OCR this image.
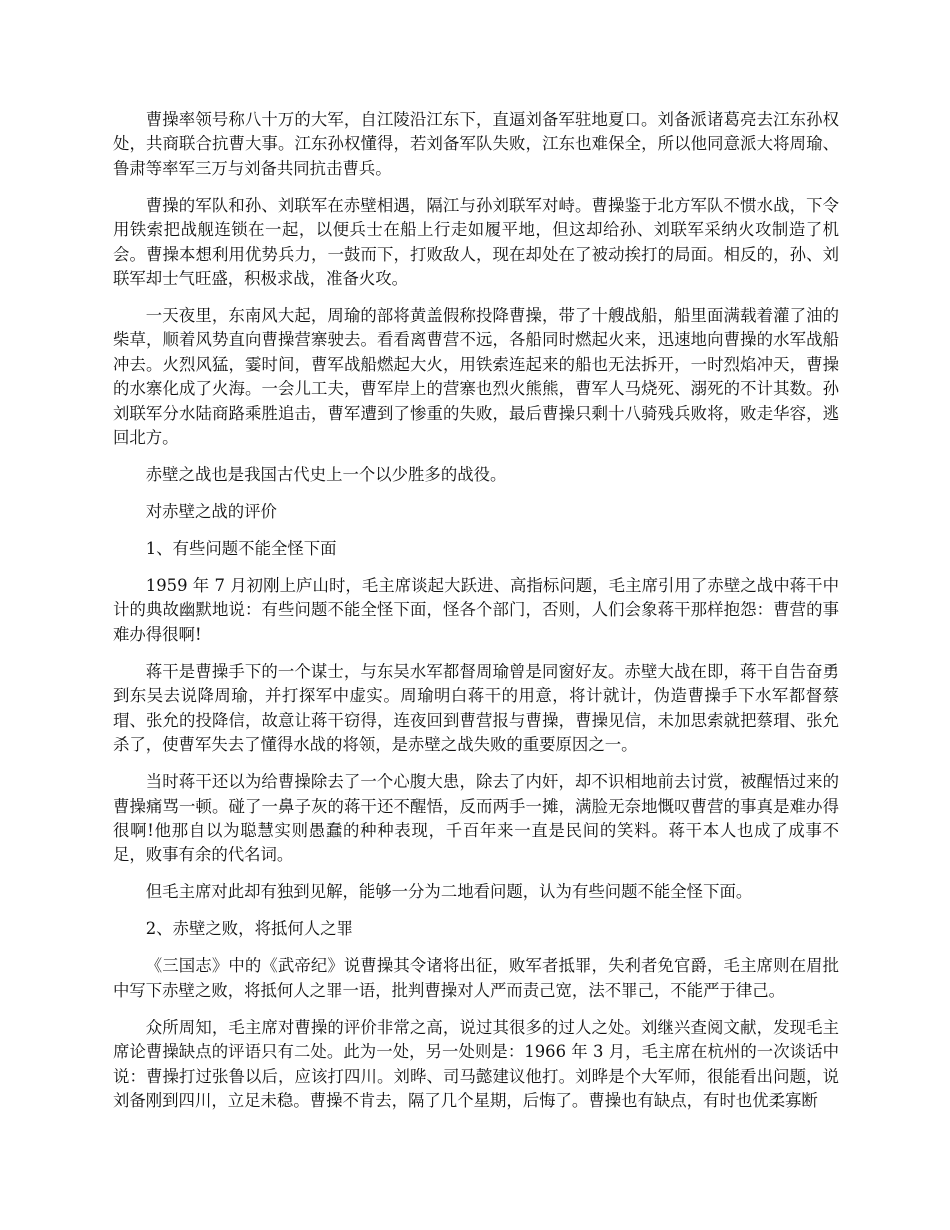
曹操率领号称八十万的大军，自江陵沿江东下，直逼刘备军驻地夏口。刘备派诸葛亮去江东孙权处，共商联合抗曹大事。江东孙权懂得，若刘备军队失败，江东也难保全，所以他同意派大将周瑜、鲁肃等率军三万与刘备共同抗击曹兵。

曹操的军队和孙、刘联军在赤壁相遇，隔江与孙刘联军对峙。曹操鉴于北方军队不惯水战，下令用铁索把战舰连锁在一起，以便兵士在船上行走如履平地，但这却给孙、刘联军采纳火攻制造了机会。曹操本想利用优势兵力，一鼓而下，打败敌人，现在却处在了被动挨打的局面。相反的，孙、刘联军却士气旺盛，积极求战，准备火攻。

一天夜里，东南风大起，周瑜的部将黄盖假称投降曹操，带了十艘战船，船里面满载着灌了油的柴草，顺着风势直向曹操营寨驶去。看看离曹营不远，各船同时燃起火来，迅速地向曹操的水军战船冲去。火烈风猛，霎时间，曹军战船燃起大火，用铁索连起来的船也无法拆开，一时烈焰冲天，曹操的水寨化成了火海。一会儿工夫，曹军岸上的营寨也烈火熊熊，曹军人马烧死、溺死的不计其数。孙刘联军分水陆商路乘胜追击，曹军遭到了惨重的失败，最后曹操只剩十八骑残兵败将，败走华容，逃回北方。

赤壁之战也是我国古代史上一个以少胜多的战役。

对赤壁之战的评价

1、有些问题不能全怪下面

1959 年 7 月初刚上庐山时，毛主席谈起大跃进、高指标问题，毛主席引用了赤壁之战中蒋干中计的典故幽默地说：有些问题不能全怪下面，怪各个部门，否则，人们会象蒋干那样抱怨：曹营的事难办得很啊!

蒋干是曹操手下的一个谋士，与东吴水军都督周瑜曾是同窗好友。赤壁大战在即，蒋干自告奋勇到东吴去说降周瑜，并打探军中虚实。周瑜明白蒋干的用意，将计就计，伪造曹操手下水军都督蔡瑁、张允的投降信，故意让蒋干窃得，连夜回到曹营报与曹操，曹操见信，未加思索就把蔡瑁、张允杀了，使曹军失去了懂得水战的将领，是赤壁之战失败的重要原因之一。

当时蒋干还以为给曹操除去了一个心腹大患，除去了内奸，却不识相地前去讨赏，被醒悟过来的曹操痛骂一顿。碰了一鼻子灰的蒋干还不醒悟，反而两手一摊，满脸无奈地慨叹曹营的事真是难办得很啊!他那自以为聪慧实则愚蠢的种种表现，千百年来一直是民间的笑料。蒋干本人也成了成事不足，败事有余的代名词。

但毛主席对此却有独到见解，能够一分为二地看问题，认为有些问题不能全怪下面。

2、赤壁之败，将抵何人之罪

《三国志》中的《武帝纪》说曹操其令诸将出征，败军者抵罪，失利者免官爵，毛主席则在眉批中写下赤壁之败，将抵何人之罪一语，批判曹操对人严而责己宽，法不罪己，不能严于律己。

众所周知，毛主席对曹操的评价非常之高，说过其很多的过人之处。刘继兴查阅文献，发现毛主席论曹操缺点的评语只有二处。此为一处，另一处则是：1966 年 3 月，毛主席在杭州的一次谈话中说：曹操打过张鲁以后，应该打四川。刘晔、司马懿建议他打。刘晔是个大军师，很能看出问题，说刘备刚到四川，立足未稳。曹操不肯去，隔了几个星期，后悔了。曹操也有缺点，有时也优柔寡断
